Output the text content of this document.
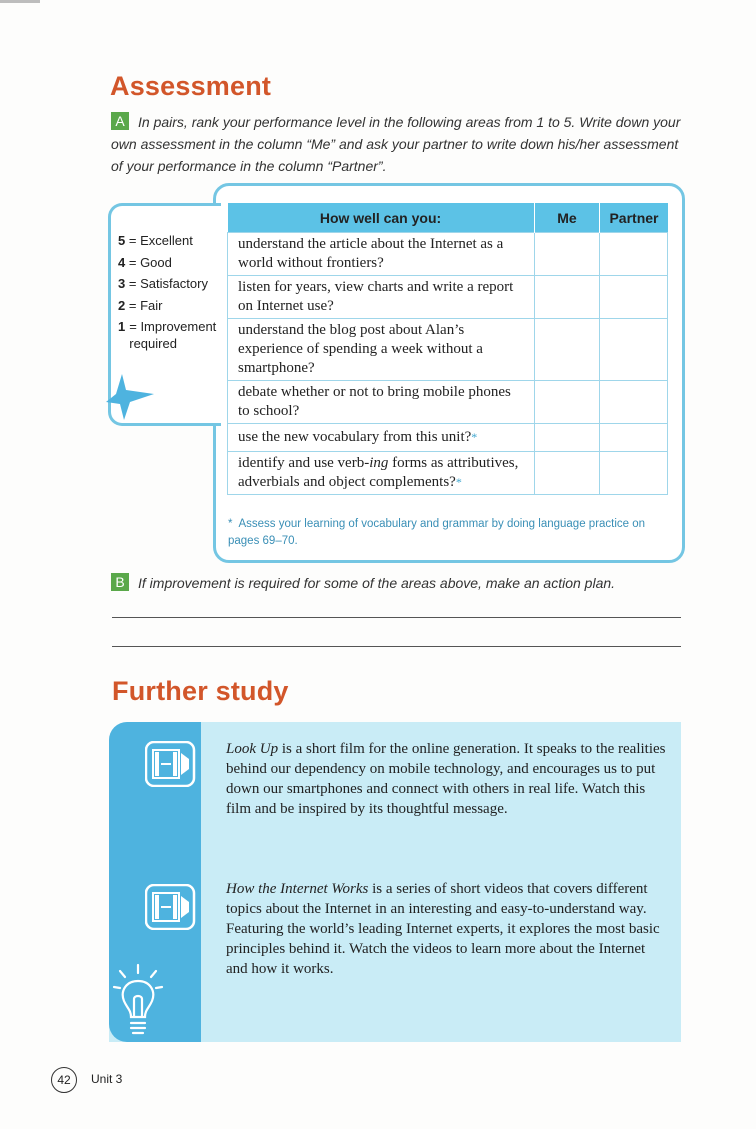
Assessment
A In pairs, rank your performance level in the following areas from 1 to 5. Write down your own assessment in the column “Me” and ask your partner to write down his/her assessment of your performance in the column “Partner”.
5 = Excellent
4 = Good
3 = Satisfactory
2 = Fair
1 = Improvement required
How well can you:	Me	Partner
understand the article about the Internet as a world without frontiers?		
listen for years, view charts and write a report on Internet use?		
understand the blog post about Alan’s experience of spending a week without a smartphone?		
debate whether or not to bring mobile phones to school?		
use the new vocabulary from this unit?*		
identify and use verb-ing forms as attributives, adverbials and object complements?*		
* Assess your learning of vocabulary and grammar by doing language practice on pages 69–70.
B If improvement is required for some of the areas above, make an action plan.
Further study

Look Up is a short film for the online generation. It speaks to the realities behind our dependency on mobile technology, and encourages us to put down our smartphones and connect with others in real life. Watch this film and be inspired by its thoughtful message.

How the Internet Works is a series of short videos that covers different topics about the Internet in an interesting and easy-to-understand way. Featuring the world’s leading Internet experts, it explores the most basic principles behind it. Watch the videos to learn more about the Internet and how it works.

42	Unit 3
